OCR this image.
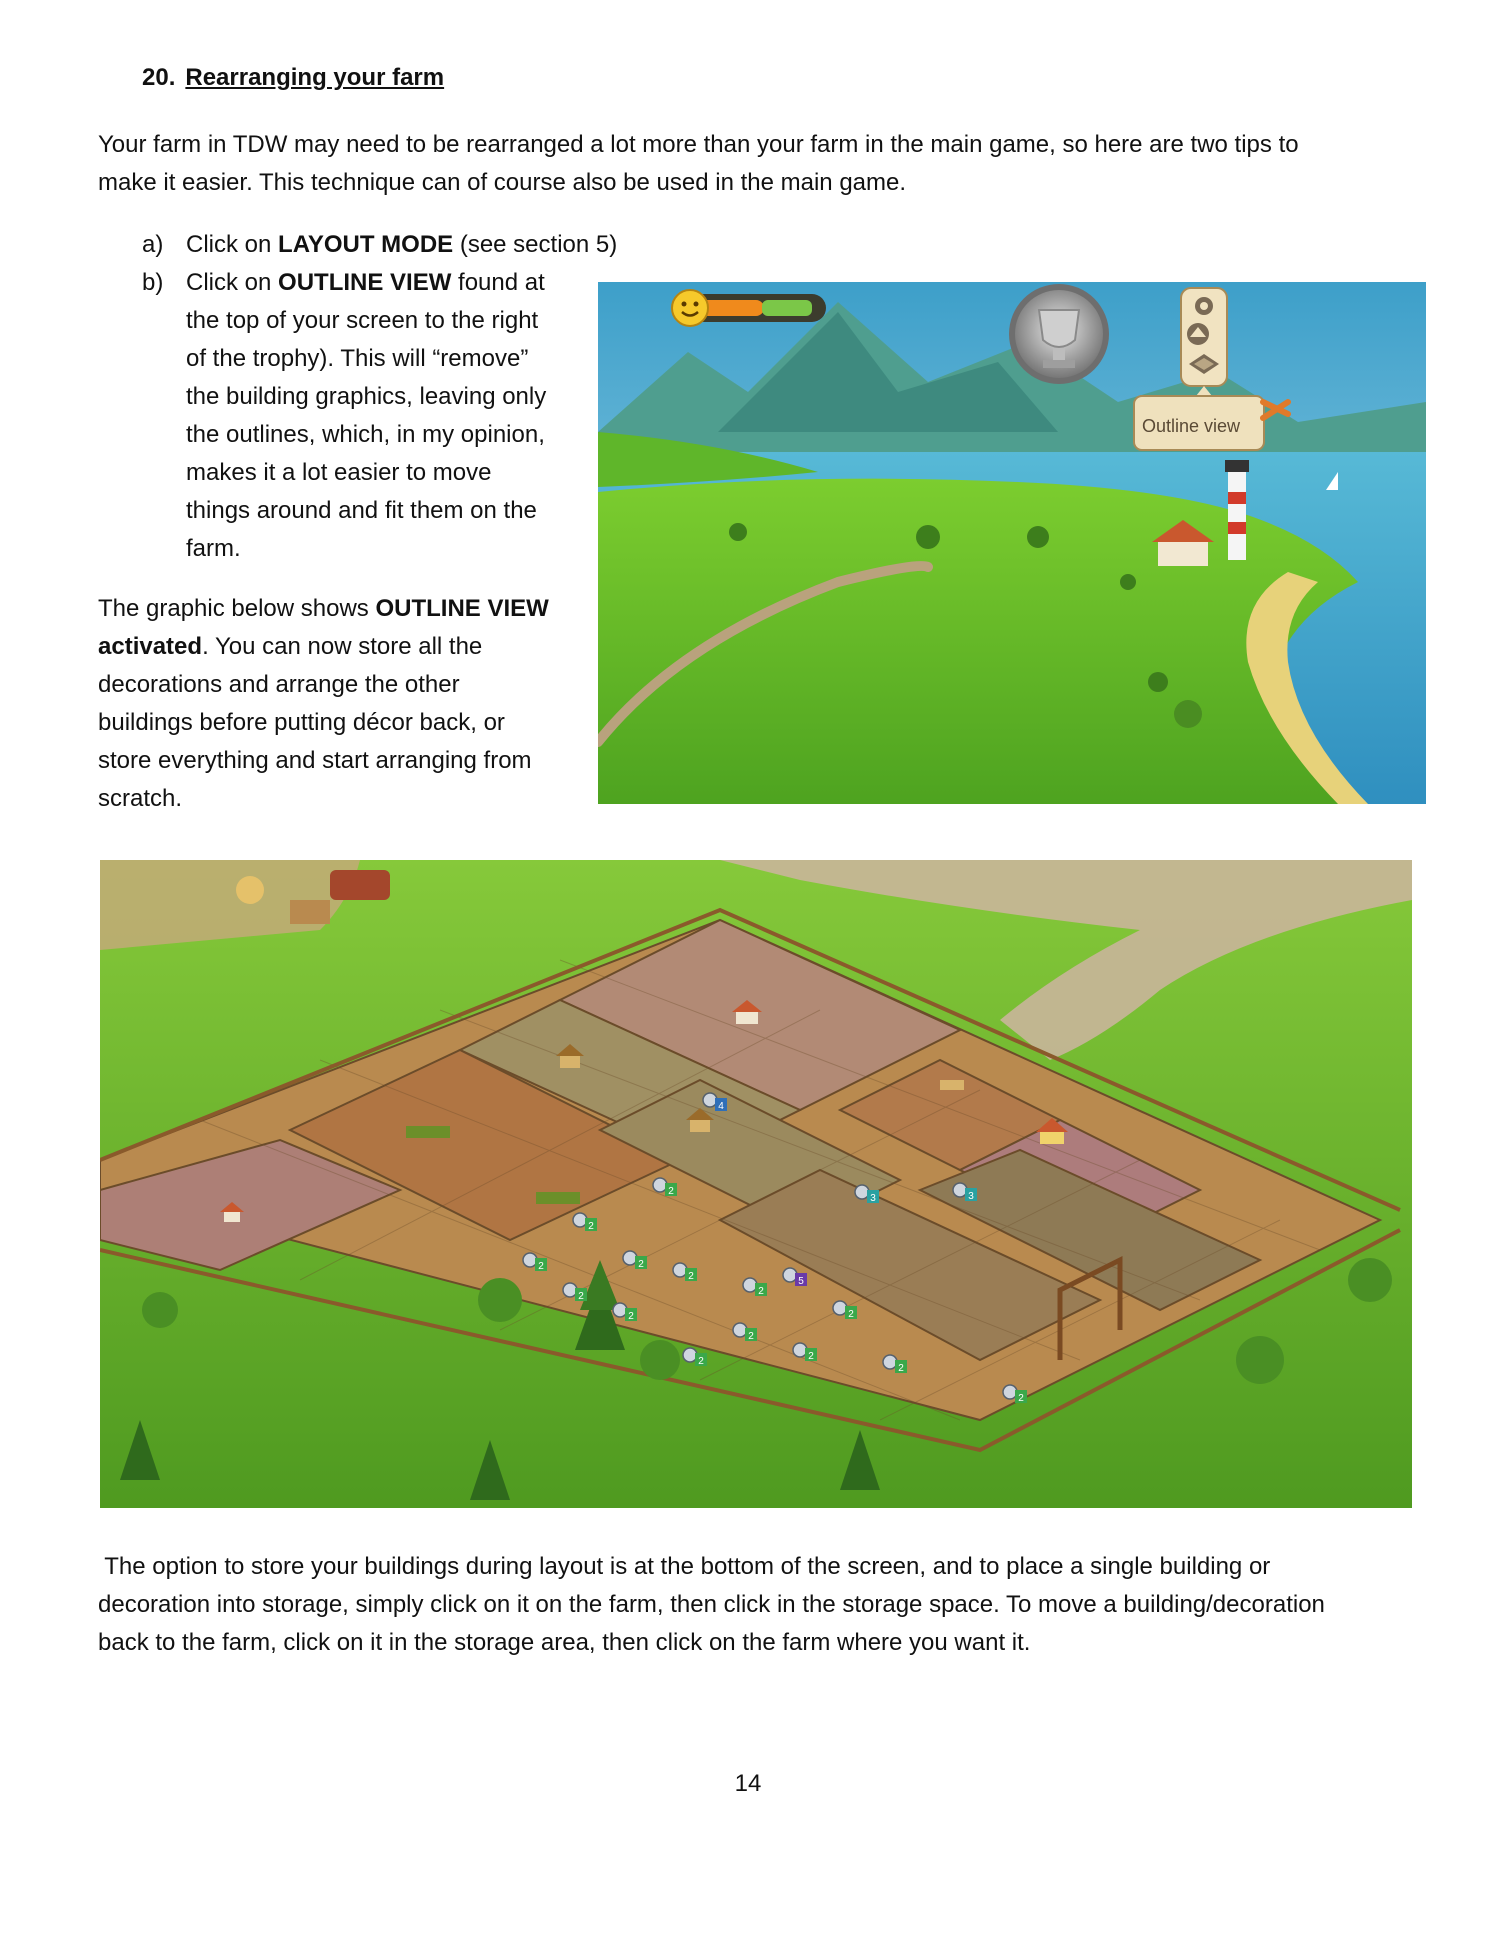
20. Rearranging your farm
Your farm in TDW may need to be rearranged a lot more than your farm in the main game, so here are two tips to
make it easier. This technique can of course also be used in the main game.
a) Click on LAYOUT MODE (see section 5)
b) Click on OUTLINE VIEW found at
the top of your screen to the right
of the trophy). This will “remove”
the building graphics, leaving only
the outlines, which, in my opinion,
makes it a lot easier to move
things around and fit them on the
farm.
The graphic below shows OUTLINE VIEW
activated. You can now store all the
decorations and arrange the other
buildings before putting décor back, or
store everything and start arranging from
scratch.
Outline view
4
2
3	3
2
2	2
5
2
2	2
2	2
2
2	2
2
2
The option to store your buildings during layout is at the bottom of the screen, and to place a single building or
decoration into storage, simply click on it on the farm, then click in the storage space. To move a building/decoration
back to the farm, click on it in the storage area, then click on the farm where you want it.
14
